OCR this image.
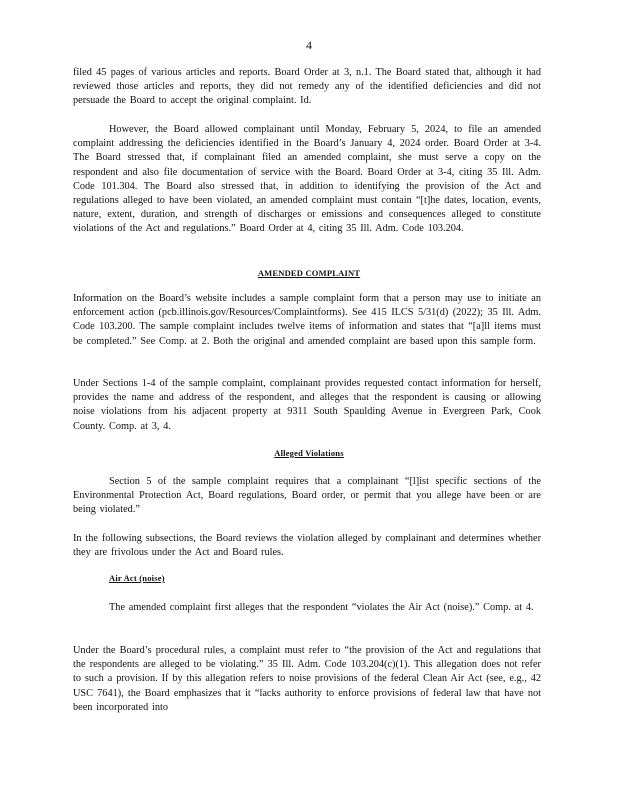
4

filed 45 pages of various articles and reports. Board Order at 3, n.1. The Board stated that, although it had reviewed those articles and reports, they did not remedy any of the identified deficiencies and did not persuade the Board to accept the original complaint. Id.

However, the Board allowed complainant until Monday, February 5, 2024, to file an amended complaint addressing the deficiencies identified in the Board’s January 4, 2024 order. Board Order at 3-4. The Board stressed that, if complainant filed an amended complaint, she must serve a copy on the respondent and also file documentation of service with the Board. Board Order at 3-4, citing 35 Ill. Adm. Code 101.304. The Board also stressed that, in addition to identifying the provision of the Act and regulations alleged to have been violated, an amended complaint must contain “[t]he dates, location, events, nature, extent, duration, and strength of discharges or emissions and consequences alleged to constitute violations of the Act and regulations.” Board Order at 4, citing 35 Ill. Adm. Code 103.204.

AMENDED COMPLAINT

Information on the Board’s website includes a sample complaint form that a person may use to initiate an enforcement action (pcb.illinois.gov/Resources/Complaintforms). See 415 ILCS 5/31(d) (2022); 35 Ill. Adm. Code 103.200. The sample complaint includes twelve items of information and states that “[a]ll items must be completed.” See Comp. at 2. Both the original and amended complaint are based upon this sample form.

Under Sections 1-4 of the sample complaint, complainant provides requested contact information for herself, provides the name and address of the respondent, and alleges that the respondent is causing or allowing noise violations from his adjacent property at 9311 South Spaulding Avenue in Evergreen Park, Cook County. Comp. at 3, 4.

Alleged Violations

Section 5 of the sample complaint requires that a complainant “[l]ist specific sections of the Environmental Protection Act, Board regulations, Board order, or permit that you allege have been or are being violated.”

In the following subsections, the Board reviews the violation alleged by complainant and determines whether they are frivolous under the Act and Board rules.

Air Act (noise)

The amended complaint first alleges that the respondent “violates the Air Act (noise).” Comp. at 4.

Under the Board’s procedural rules, a complaint must refer to “the provision of the Act and regulations that the respondents are alleged to be violating.” 35 Ill. Adm. Code 103.204(c)(1). This allegation does not refer to such a provision. If by this allegation refers to noise provisions of the federal Clean Air Act (see, e.g., 42 USC 7641), the Board emphasizes that it “lacks authority to enforce provisions of federal law that have not been incorporated into
